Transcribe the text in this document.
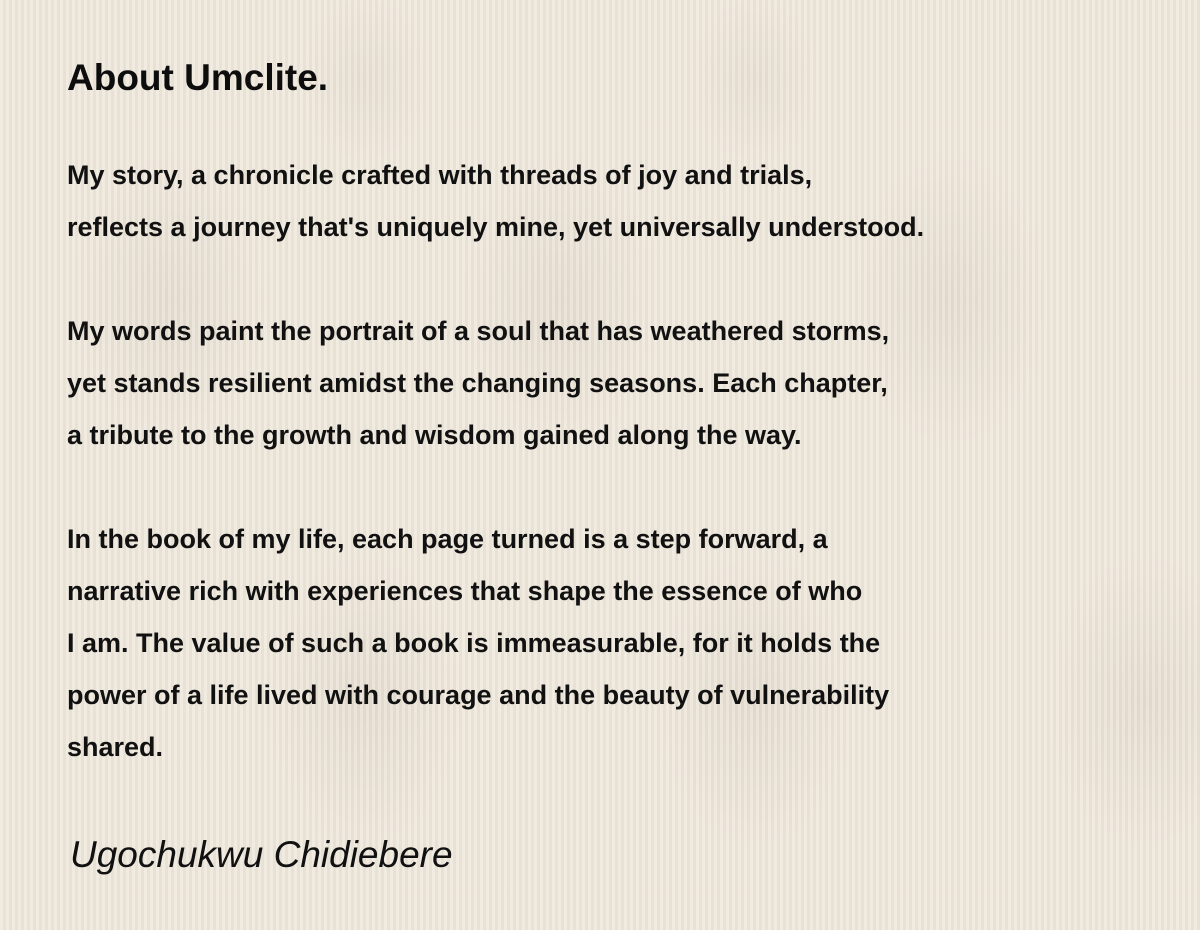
About Umclite.

My story, a chronicle crafted with threads of joy and trials,
reflects a journey that's uniquely mine, yet universally understood.

My words paint the portrait of a soul that has weathered storms,
yet stands resilient amidst the changing seasons. Each chapter,
a tribute to the growth and wisdom gained along the way.

In the book of my life, each page turned is a step forward, a
narrative rich with experiences that shape the essence of who
I am. The value of such a book is immeasurable, for it holds the
power of a life lived with courage and the beauty of vulnerability
shared.

Ugochukwu Chidiebere
